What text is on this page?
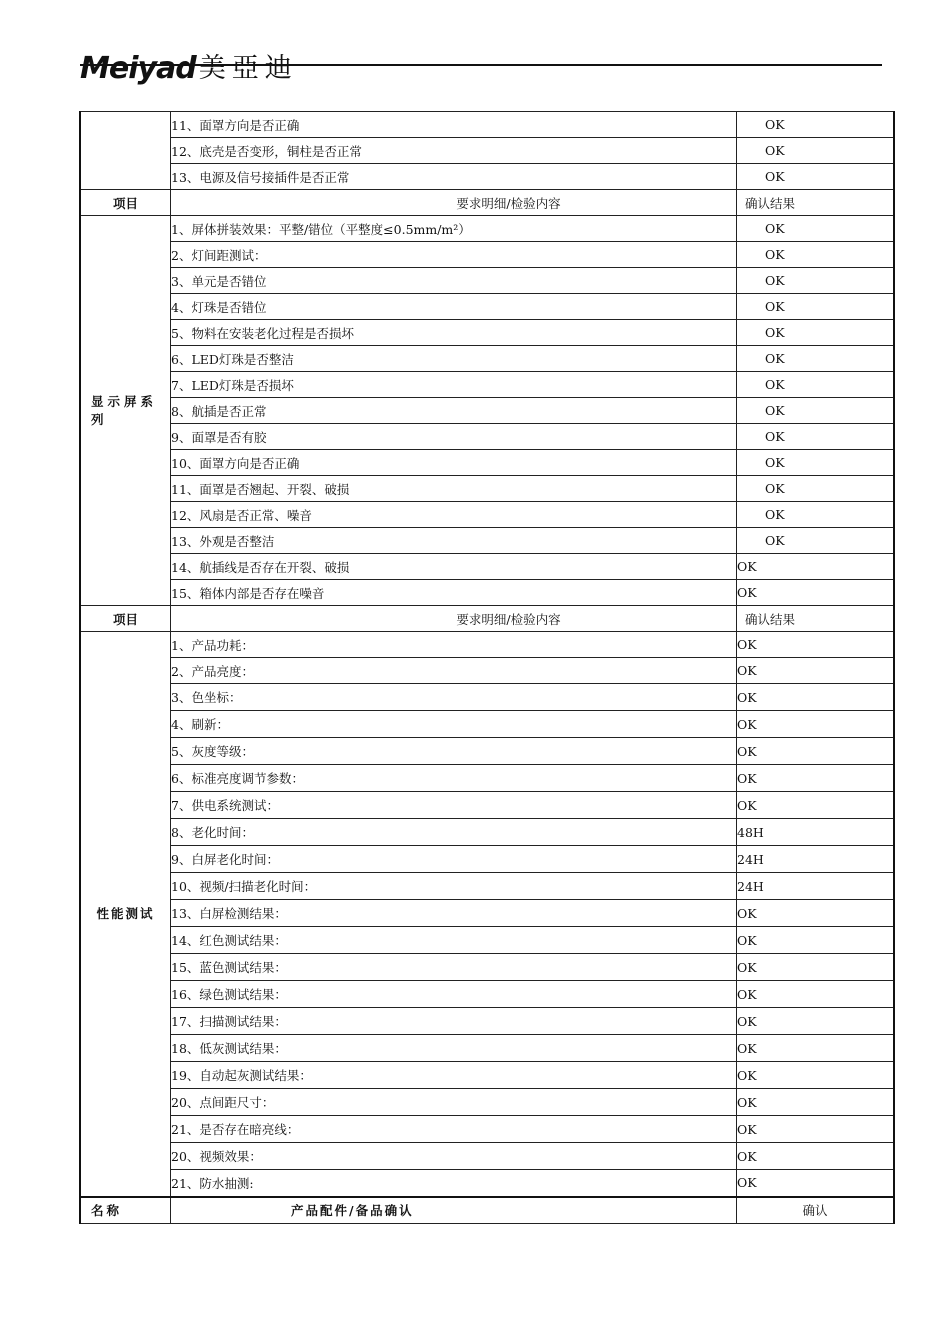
Meiyad 美亞迪
	11、面罩方向是否正确	OK
	12、底壳是否变形，铜柱是否正常	OK
	13、电源及信号接插件是否正常	OK
项目	要求明细/检验内容	确认结果
显示屏系列	1、屏体拼装效果：平整/错位（平整度≤0.5mm/m²）	OK
	2、灯间距测试：	OK
	3、单元是否错位	OK
	4、灯珠是否错位	OK
	5、物料在安装老化过程是否损坏	OK
	6、LED灯珠是否整洁	OK
	7、LED灯珠是否损坏	OK
	8、航插是否正常	OK
	9、面罩是否有胶	OK
	10、面罩方向是否正确	OK
	11、面罩是否翘起、开裂、破损	OK
	12、风扇是否正常、噪音	OK
	13、外观是否整洁	OK
	14、航插线是否存在开裂、破损	OK
	15、箱体内部是否存在噪音	OK
项目	要求明细/检验内容	确认结果
性能测试	1、产品功耗：	OK
	2、产品亮度：	OK
	3、色坐标：	OK
	4、刷新：	OK
	5、灰度等级：	OK
	6、标准亮度调节参数：	OK
	7、供电系统测试：	OK
	8、老化时间：	48H
	9、白屏老化时间：	24H
	10、视频/扫描老化时间：	24H
	13、白屏检测结果：	OK
	14、红色测试结果：	OK
	15、蓝色测试结果：	OK
	16、绿色测试结果：	OK
	17、扫描测试结果：	OK
	18、低灰测试结果：	OK
	19、自动起灰测试结果：	OK
	20、点间距尺寸：	OK
	21、是否存在暗亮线：	OK
	20、视频效果：	OK
	21、防水抽测:	OK
名称	产品配件/备品确认	确认
